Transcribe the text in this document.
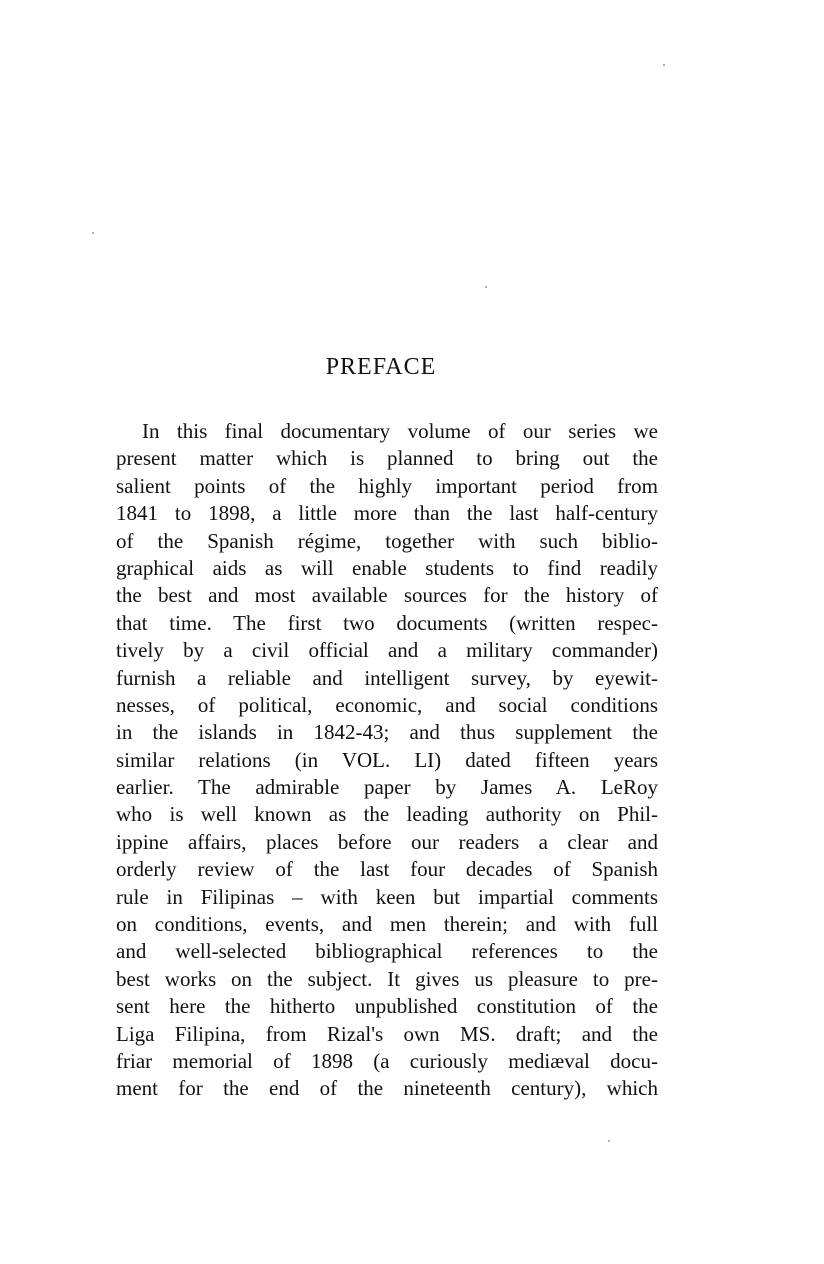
PREFACE
In this final documentary volume of our series we
present matter which is planned to bring out the
salient points of the highly important period from
1841 to 1898, a little more than the last half-century
of the Spanish régime, together with such biblio-
graphical aids as will enable students to find readily
the best and most available sources for the history of
that time. The first two documents (written respec-
tively by a civil official and a military commander)
furnish a reliable and intelligent survey, by eyewit-
nesses, of political, economic, and social conditions
in the islands in 1842-43; and thus supplement the
similar relations (in VOL. LI) dated fifteen years
earlier. The admirable paper by James A. LeRoy
who is well known as the leading authority on Phil-
ippine affairs, places before our readers a clear and
orderly review of the last four decades of Spanish
rule in Filipinas – with keen but impartial comments
on conditions, events, and men therein; and with full
and well-selected bibliographical references to the
best works on the subject. It gives us pleasure to pre-
sent here the hitherto unpublished constitution of the
Liga Filipina, from Rizal's own MS. draft; and the
friar memorial of 1898 (a curiously mediæval docu-
ment for the end of the nineteenth century), which
